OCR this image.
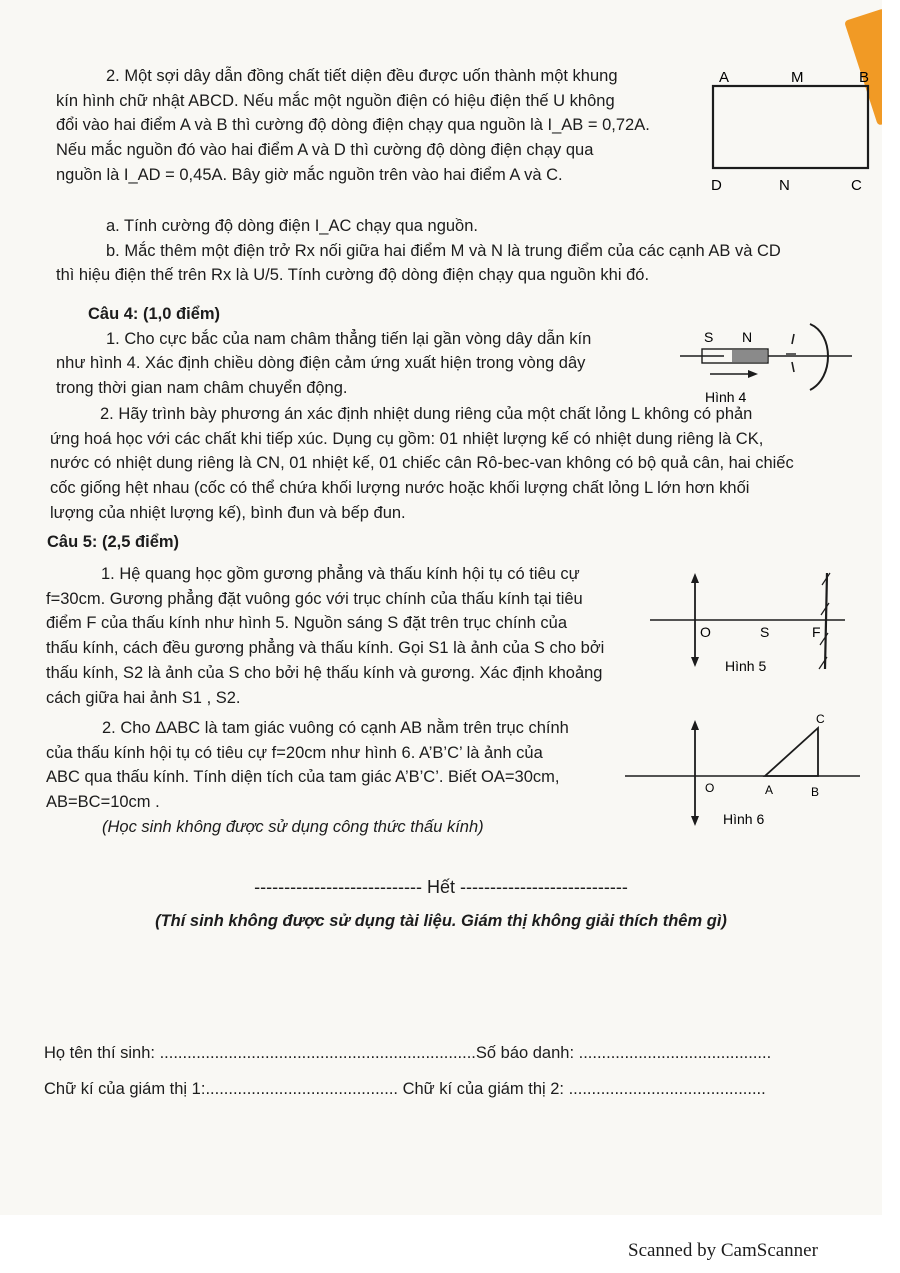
2. Một sợi dây dẫn đồng chất tiết diện đều được uốn thành một khung
kín hình chữ nhật ABCD. Nếu mắc một nguồn điện có hiệu điện thế U không
đổi vào hai điểm A và B thì cường độ dòng điện chạy qua nguồn là I_AB = 0,72A.
Nếu mắc nguồn đó vào hai điểm A và D thì cường độ dòng điện chạy qua
nguồn là I_AD = 0,45A. Bây giờ mắc nguồn trên vào hai điểm A và C.
A	M	B
D	N	C
a. Tính cường độ dòng điện I_AC chạy qua nguồn.
b. Mắc thêm một điện trở Rx nối giữa hai điểm M và N là trung điểm của các cạnh AB và CD
thì hiệu điện thế trên Rx là U/5. Tính cường độ dòng điện chạy qua nguồn khi đó.
Câu 4: (1,0 điểm)
1. Cho cực bắc của nam châm thẳng tiến lại gần vòng dây dẫn kín
như hình 4. Xác định chiều dòng điện cảm ứng xuất hiện trong vòng dây
trong thời gian nam châm chuyển động.
S N
Hình 4
2. Hãy trình bày phương án xác định nhiệt dung riêng của một chất lỏng L không có phản
ứng hoá học với các chất khi tiếp xúc. Dụng cụ gồm: 01 nhiệt lượng kế có nhiệt dung riêng là CK,
nước có nhiệt dung riêng là CN, 01 nhiệt kế, 01 chiếc cân Rô-bec-van không có bộ quả cân, hai chiếc
cốc giống hệt nhau (cốc có thể chứa khối lượng nước hoặc khối lượng chất lỏng L lớn hơn khối
lượng của nhiệt lượng kế), bình đun và bếp đun.

Câu 5: (2,5 điểm)

1. Hệ quang học gồm gương phẳng và thấu kính hội tụ có tiêu cự
f=30cm. Gương phẳng đặt vuông góc với trục chính của thấu kính tại tiêu
điểm F của thấu kính như hình 5. Nguồn sáng S đặt trên trục chính của
thấu kính, cách đều gương phẳng và thấu kính. Gọi S1 là ảnh của S cho bởi
thấu kính, S2 là ảnh của S cho bởi hệ thấu kính và gương. Xác định khoảng
cách giữa hai ảnh S1 , S2.
O	S	F
Hình 5
2. Cho ΔABC là tam giác vuông có cạnh AB nằm trên trục chính
của thấu kính hội tụ có tiêu cự f=20cm như hình 6. A’B’C’ là ảnh của
ABC qua thấu kính. Tính diện tích của tam giác A’B’C’. Biết OA=30cm,
AB=BC=10cm .
(Học sinh không được sử dụng công thức thấu kính)
O	A	B
C
Hình 6

---------------------------- Hết ----------------------------

(Thí sinh không được sử dụng tài liệu. Giám thị không giải thích thêm gì)

Họ tên thí sinh: .....................................................................Số báo danh: ..........................................

Chữ kí của giám thị 1:.......................................... Chữ kí của giám thị 2: ...........................................

Scanned by CamScanner
